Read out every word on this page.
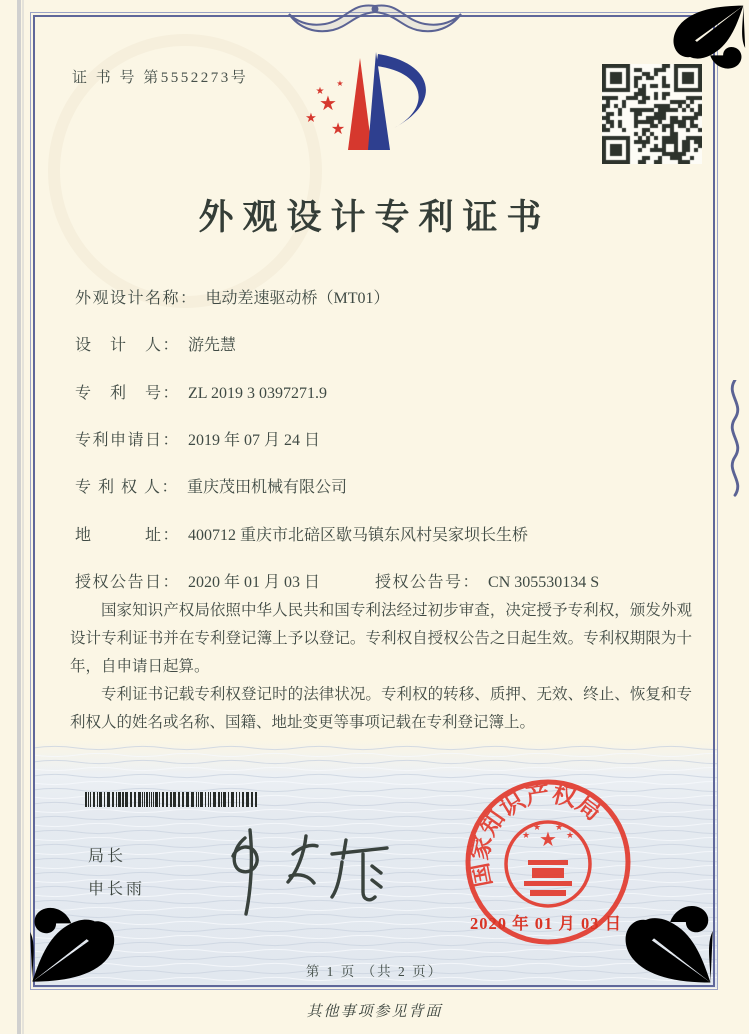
证 书 号 第5552273号
★
★
★
★
★
外观设计专利证书
外观设计名称： 电动差速驱动桥（MT01）
设　计　人： 游先慧
专　利　号： ZL 2019 3 0397271.9
专利申请日： 2019 年 07 月 24 日
专 利 权 人： 重庆茂田机械有限公司
地　　　址： 400712 重庆市北碚区歇马镇东风村吴家坝长生桥
授权公告日： 2020 年 01 月 03 日	授权公告号： CN 305530134 S

国家知识产权局依照中华人民共和国专利法经过初步审查，决定授予专利权，颁发外观设计专利证书并在专利登记簿上予以登记。专利权自授权公告之日起生效。专利权期限为十年，自申请日起算。

专利证书记载专利权登记时的法律状况。专利权的转移、质押、无效、终止、恢复和专利权人的姓名或名称、国籍、地址变更等事项记载在专利登记簿上。

局长
申长雨
国家知识产权局
★
★
★ ★
★
2020 年 01 月 03 日
第 1 页 （共 2 页）
其他事项参见背面
